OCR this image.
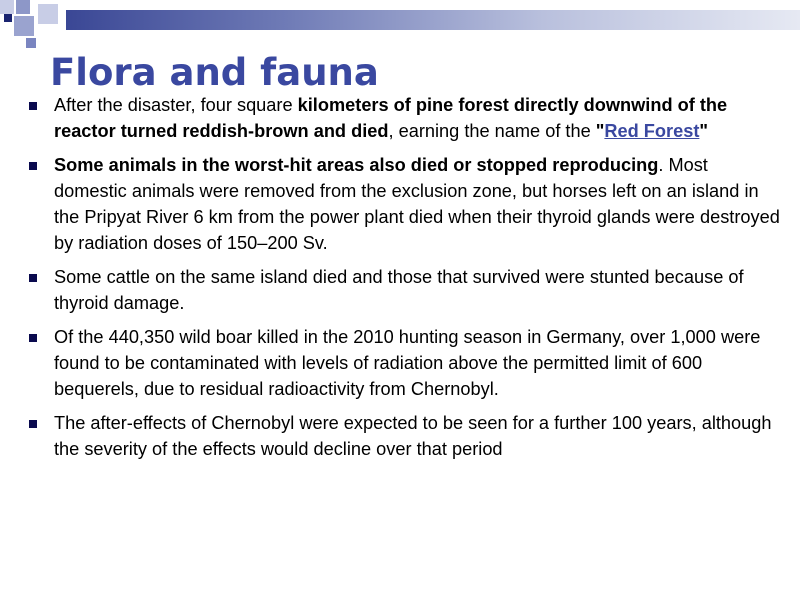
Flora and fauna
After the disaster, four square kilometers of pine forest directly downwind of the reactor turned reddish-brown and died, earning the name of the "Red Forest"
Some animals in the worst-hit areas also died or stopped reproducing. Most domestic animals were removed from the exclusion zone, but horses left on an island in the Pripyat River 6 km from the power plant died when their thyroid glands were destroyed by radiation doses of 150–200 Sv.
Some cattle on the same island died and those that survived were stunted because of thyroid damage.
Of the 440,350 wild boar killed in the 2010 hunting season in Germany, over 1,000 were found to be contaminated with levels of radiation above the permitted limit of 600 bequerels, due to residual radioactivity from Chernobyl.
The after-effects of Chernobyl were expected to be seen for a further 100 years, although the severity of the effects would decline over that period
